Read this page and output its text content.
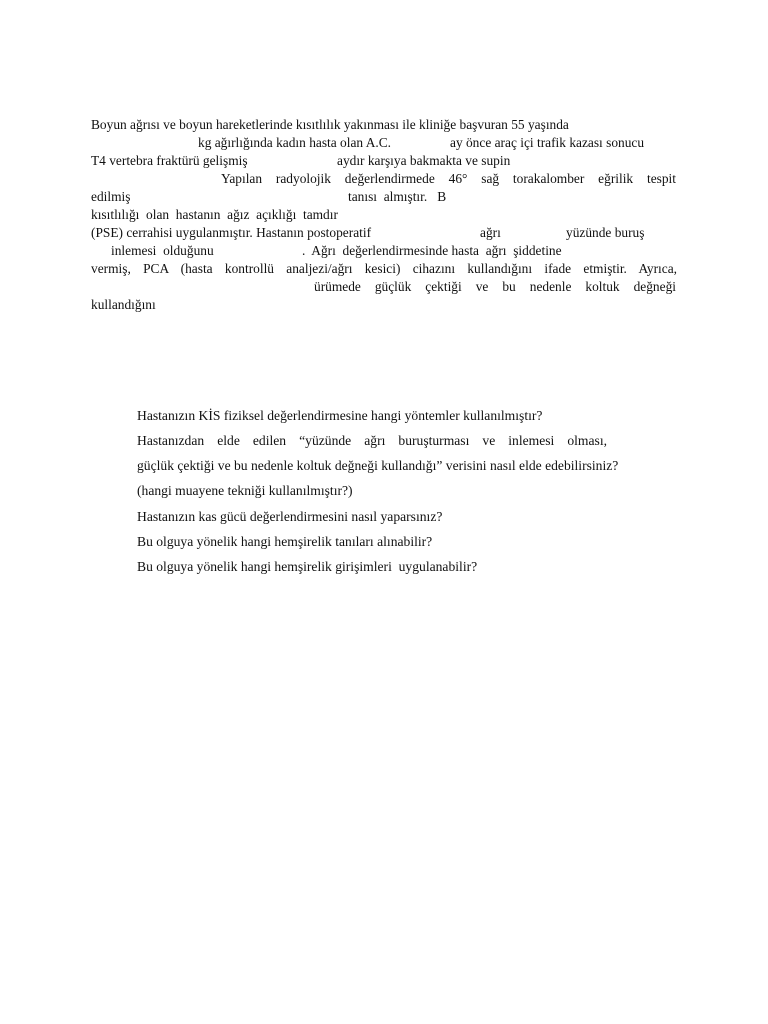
Boyun ağrısı ve boyun hareketlerinde kısıtlılık yakınması ile kliniğe başvuran 55 yaşında
kg ağırlığında kadın hasta olan A.C.	ay önce araç içi trafik kazası sonucu
T4 vertebra fraktürü gelişmiş	aydır karşıya bakmakta ve supin
Yapılan radyolojik değerlendirmede 46° sağ torakalomber eğrilik tespit
edilmiş	tanısı  almıştır.   B
kısıtlılığı  olan  hastanın  ağız  açıklığı  tamdır
(PSE) cerrahisi uygulanmıştır. Hastanın postoperatif	ağrı	yüzünde buruş
inlemesi  olduğunu	.  Ağrı  değerlendirmesinde hasta  ağrı  şiddetine
vermiş, PCA (hasta kontrollü analjezi/ağrı kesici) cihazını kullandığını ifade etmiştir. Ayrıca,
ürümede güçlük çektiği ve bu nedenle koltuk değneği
kullandığını
Hastanızın KİS fiziksel değerlendirmesine hangi yöntemler kullanılmıştır?
Hastanızdan elde edilen “yüzünde ağrı buruşturması ve inlemesi olması,
güçlük çektiği ve bu nedenle koltuk değneği kullandığı” verisini nasıl elde edebilirsiniz?
(hangi muayene tekniği kullanılmıştır?)
Hastanızın kas gücü değerlendirmesini nasıl yaparsınız?
Bu olguya yönelik hangi hemşirelik tanıları alınabilir?
Bu olguya yönelik hangi hemşirelik girişimleri  uygulanabilir?
